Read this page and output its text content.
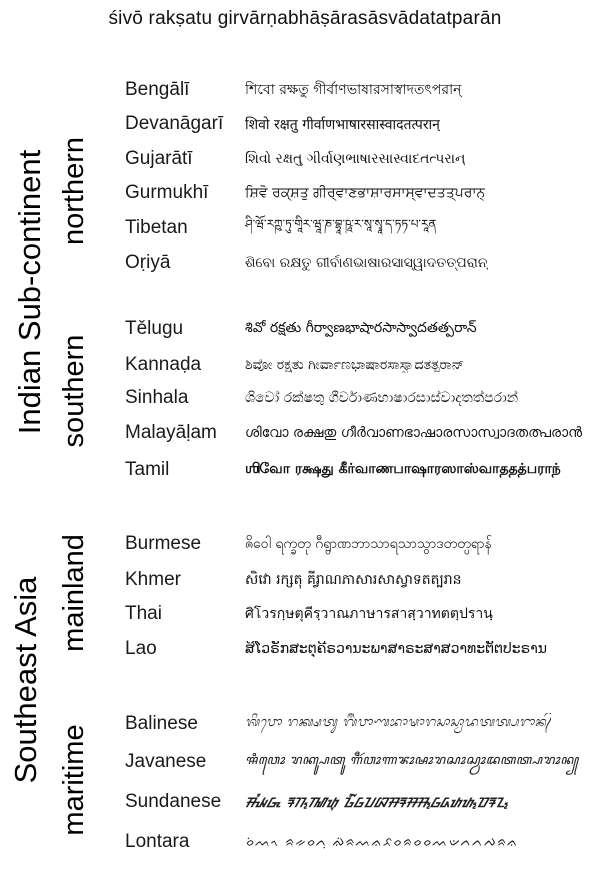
śivō rakṣatu girvārṇabhāṣārasāsvādatatparān
Indian Sub-continent
Southeast Asia
northern
southern
mainland
maritime
Bengālī	শিবো রক্ষতু গীর্বাণভাষারসাস্বাদতৎপরান্
Devanāgarī	शिवो रक्षतु गीर्वाणभाषारसास्वादतत्परान्
Gujarātī	શિવો રક્ષતુ ગીર્વાણભાષારસાસ્વાદતત્પરાન્
Gurmukhī	ਸ਼ਿਵੋ ਰਕ੍ਸ਼ਤੁ ਗੀਰ੍ਵਾਣਭਾਸ਼ਾਰਸਾਸ੍ਵਾਦਤਤ੍ਪਰਾਨ੍
Tibetan	ཤི་ཝོ་རཀྵ་ཏུ་གཱིར་ཝཱ་ཎ་བྷཱ་ཥཱ་ར་སཱ་སྭཱ་ད་ཏཏ་པ་རཱན
Oṛiyā	ଶିବୋ ରକ୍ଷତୁ ଗୀର୍ବାଣଭାଷାରସାସ୍ୱାଦତତ୍ପରାନ୍
Tělugu	శివో రక్షతు గీర్వాణభాషారసాస్వాదతత్పరాన్
Kannaḍa	ಶಿವೋ ರಕ್ಷತು ಗೀರ್ವಾಣಭಾಷಾರಸಾಸ್ವಾದತತ್ಪರಾನ್
Sinhala	ශිවෝ රක්ෂතු ගීර්වාණභාෂාරසාස්වාදතත්පරාන්
Malayāḷam	ശിവോ രക്ഷതു ഗീര്‍വാണഭാഷാരസാസ്വാദതത്പരാന്‍
Tamil	ஶிவோ ரக்ஷது கீர்வாணபாஷாரஸாஸ்வாததத்பராந்
Burmese	ၐိဝေါ ရက္ခတု ဂီရ္ဗာဏဘာသာရသာသွာဒတတ္ပရာန်
Khmer	សិវោ រក្សតុ គីរ្វាណភាសារសាស្វាទតត្បរាន
Thai	ศิโวรกฺษตุคีรฺวาณภาษารสาสฺวาทตตฺปรานฺ
Lao	ສິໂວຣັກສະຕຸຄີຣວານະພາສາຣະສາສວາທະຕັຕປະຣານ
Balinese	ᬰᬶᬯᭀ ᬭᬓ᭄ᬱᬢᬸ ᬕᬷᬃᬯᬵᬡᬪᬵᬱᬵᬭᬲᬵᬲ᭄ᬯᬵᬤᬢᬢ᭄ᬧᬭᬵᬦ᭄
Javanese	ꦯꦶꦮꦺꦴ ꦫꦏ꧀ꦰꦠꦸ ꦒꦷꦂꦮꦴꦟꦨꦴꦰꦴꦫꦱꦴꦱ꧀ꦮꦴꦢꦠꦠ꧀ꦥꦫꦴꦤ꧀
Sundanese	ᮯᮤᮝᮧ ᮛᮊ᮪ᮮᮒᮥ ᮌᮤᮁᮝᮖᮘᮞᮛᮞᮞ᮪ᮝᮓᮒᮒ᮪ᮕᮛᮔ᮪
Lontara	ᨔᨗᨓᨚ ᨑᨀᨔᨈᨘ ᨁᨗᨑᨓᨊᨅᨔᨑᨔᨔᨓᨉᨈᨈᨄᨑᨊ
